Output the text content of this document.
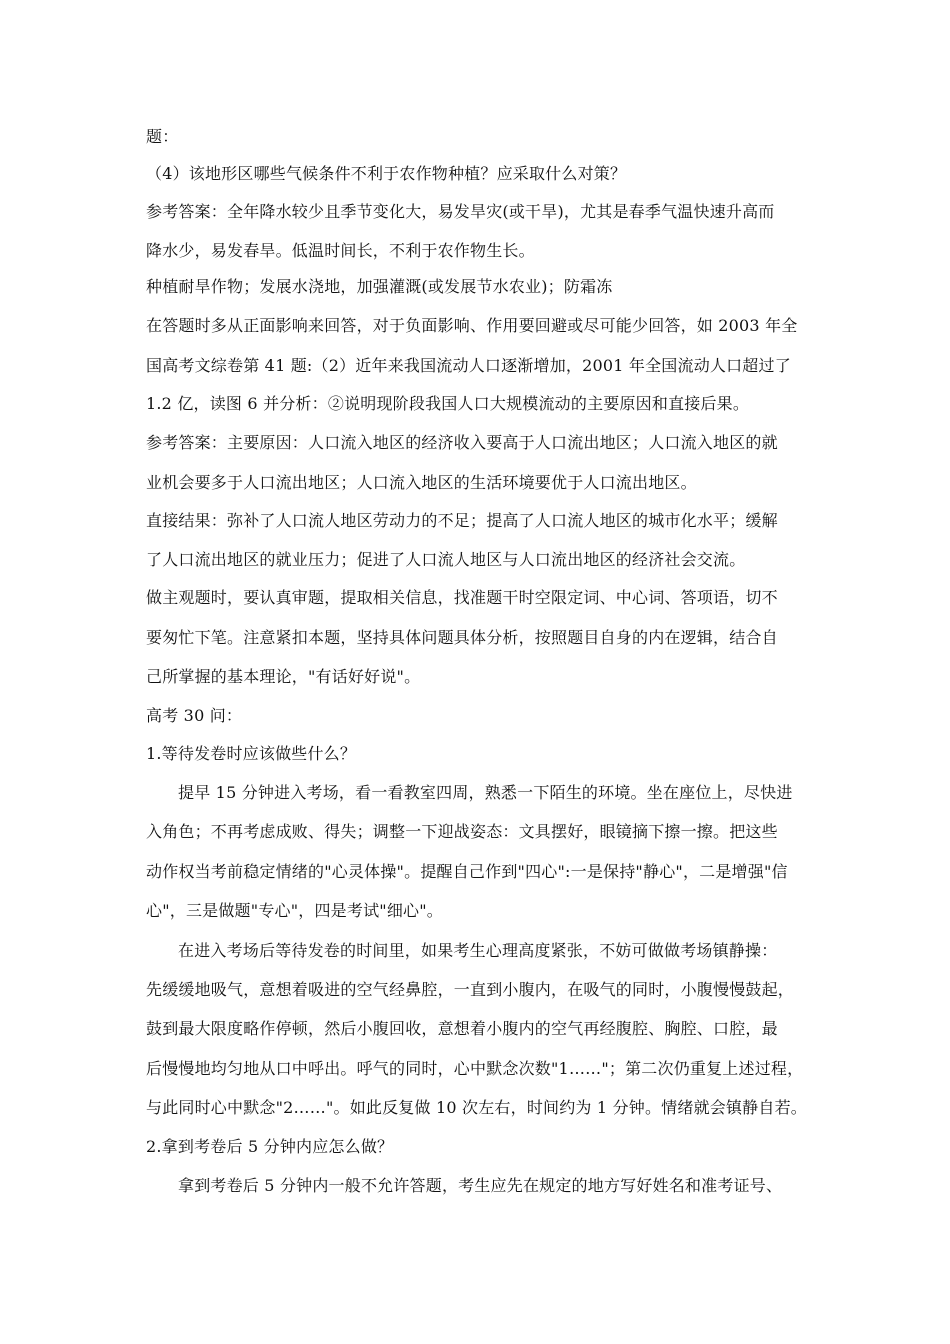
题：
（4）该地形区哪些气候条件不利于农作物种植？应采取什么对策？
参考答案：全年降水较少且季节变化大，易发旱灾(或干旱)，尤其是春季气温快速升高而
降水少，易发春旱。低温时间长，不利于农作物生长。
种植耐旱作物；发展水浇地，加强灌溉(或发展节水农业)；防霜冻
在答题时多从正面影响来回答，对于负面影响、作用要回避或尽可能少回答，如 2003 年全
国高考文综卷第 41 题:（2）近年来我国流动人口逐渐增加，2001 年全国流动人口超过了
1.2 亿，读图 6 并分析：②说明现阶段我国人口大规模流动的主要原因和直接后果。
参考答案：主要原因：人口流入地区的经济收入要高于人口流出地区；人口流入地区的就
业机会要多于人口流出地区；人口流入地区的生活环境要优于人口流出地区。
直接结果：弥补了人口流人地区劳动力的不足；提高了人口流人地区的城市化水平；缓解
了人口流出地区的就业压力；促进了人口流人地区与人口流出地区的经济社会交流。
做主观题时，要认真审题，提取相关信息，找准题干时空限定词、中心词、答项语，切不
要匆忙下笔。注意紧扣本题，坚持具体问题具体分析，按照题目自身的内在逻辑，结合自
己所掌握的基本理论，"有话好好说"。
高考 30 问：
1.等待发卷时应该做些什么？
提早 15 分钟进入考场，看一看教室四周，熟悉一下陌生的环境。坐在座位上，尽快进
入角色；不再考虑成败、得失；调整一下迎战姿态：文具摆好，眼镜摘下擦一擦。把这些
动作权当考前稳定情绪的"心灵体操"。提醒自己作到"四心":一是保持"静心"，二是增强"信
心"，三是做题"专心"，四是考试"细心"。
在进入考场后等待发卷的时间里，如果考生心理高度紧张，不妨可做做考场镇静操：
先缓缓地吸气，意想着吸进的空气经鼻腔，一直到小腹内，在吸气的同时，小腹慢慢鼓起，
鼓到最大限度略作停顿，然后小腹回收，意想着小腹内的空气再经腹腔、胸腔、口腔，最
后慢慢地均匀地从口中呼出。呼气的同时，心中默念次数"1……"；第二次仍重复上述过程，
与此同时心中默念"2……"。如此反复做 10 次左右，时间约为 1 分钟。情绪就会镇静自若。
2.拿到考卷后 5 分钟内应怎么做？
拿到考卷后 5 分钟内一般不允许答题，考生应先在规定的地方写好姓名和准考证号、
